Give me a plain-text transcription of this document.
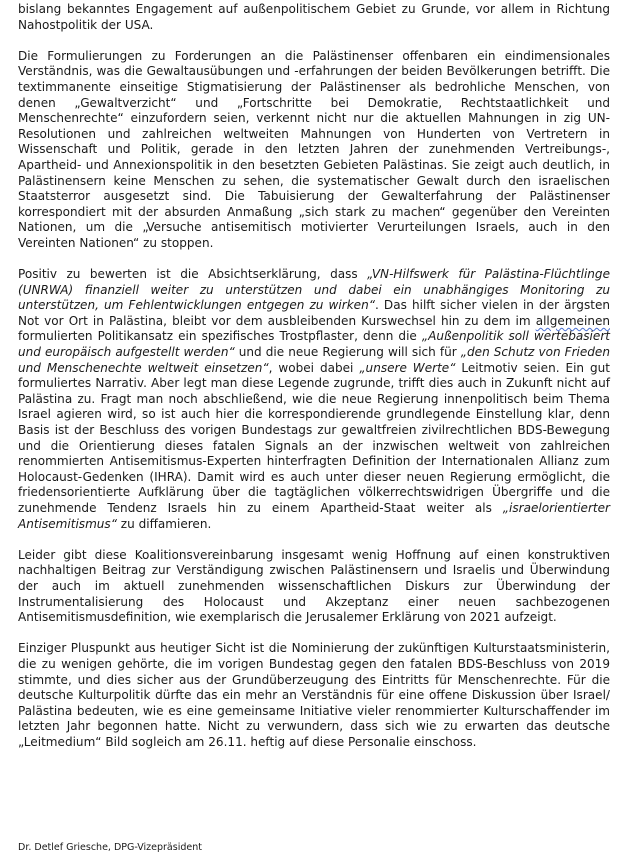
bislang bekanntes Engagement auf außenpolitischem Gebiet zu Grunde, vor allem in Richtung Nahostpolitik der USA.

Die Formulierungen zu Forderungen an die Palästinenser offenbaren ein eindimensionales Verständnis, was die Gewaltausübungen und -erfahrungen der beiden Bevölkerungen betrifft. Die textimmanente einseitige Stigmatisierung der Palästinenser als bedrohliche Menschen, von denen „Gewaltverzicht“ und „Fortschritte bei Demokratie, Rechtstaatlichkeit und Menschenrechte“ einzufordern seien, verkennt nicht nur die aktuellen Mahnungen in zig UN-Resolutionen und zahlreichen weltweiten Mahnungen von Hunderten von Vertretern in Wissenschaft und Politik, gerade in den letzten Jahren der zunehmenden Vertreibungs-, Apartheid- und Annexionspolitik in den besetzten Gebieten Palästinas. Sie zeigt auch deutlich, in Palästinensern keine Menschen zu sehen, die systematischer Gewalt durch den israelischen Staatsterror ausgesetzt sind. Die Tabuisierung der Gewalterfahrung der Palästinenser korrespondiert mit der absurden Anmaßung „sich stark zu machen“ gegenüber den Vereinten Nationen, um die „Versuche antisemitisch motivierter Verurteilungen Israels, auch in den Vereinten Nationen“ zu stoppen.

Positiv zu bewerten ist die Absichtserklärung, dass „VN-Hilfswerk für Palästina-Flüchtlinge (UNRWA) finanziell weiter zu unterstützen und dabei ein unabhängiges Monitoring zu unterstützen, um Fehlentwicklungen entgegen zu wirken“. Das hilft sicher vielen in der ärgsten Not vor Ort in Palästina, bleibt vor dem ausbleibenden Kurswechsel hin zu dem im allgemeinen formulierten Politikansatz ein spezifisches Trostpflaster, denn die „Außenpolitik soll wertebasiert und europäisch aufgestellt werden“ und die neue Regierung will sich für „den Schutz von Frieden und Menschenechte weltweit einsetzen“, wobei dabei „unsere Werte“ Leitmotiv seien. Ein gut formuliertes Narrativ. Aber legt man diese Legende zugrunde, trifft dies auch in Zukunft nicht auf Palästina zu. Fragt man noch abschließend, wie die neue Regierung innenpolitisch beim Thema Israel agieren wird, so ist auch hier die korrespondierende grundlegende Einstellung klar, denn Basis ist der Beschluss des vorigen Bundestags zur gewaltfreien zivilrechtlichen BDS-Bewegung und die Orientierung dieses fatalen Signals an der inzwischen weltweit von zahlreichen renommierten Antisemitismus-Experten hinterfragten Definition der Internationalen Allianz zum Holocaust-Gedenken (IHRA). Damit wird es auch unter dieser neuen Regierung ermöglicht, die friedensorientierte Aufklärung über die tagtäglichen völkerrechtswidrigen Übergriffe und die zunehmende Tendenz Israels hin zu einem Apartheid-Staat weiter als „israelorientierter Antisemitismus“ zu diffamieren.

Leider gibt diese Koalitionsvereinbarung insgesamt wenig Hoffnung auf einen konstruktiven nachhaltigen Beitrag zur Verständigung zwischen Palästinensern und Israelis und Überwindung der auch im aktuell zunehmenden wissenschaftlichen Diskurs zur Überwindung der Instrumentalisierung des Holocaust und Akzeptanz einer neuen sachbezogenen Antisemitismusdefinition, wie exemplarisch die Jerusalemer Erklärung von 2021 aufzeigt.

Einziger Pluspunkt aus heutiger Sicht ist die Nominierung der zukünftigen Kulturstaatsministerin, die zu wenigen gehörte, die im vorigen Bundestag gegen den fatalen BDS-Beschluss von 2019 stimmte, und dies sicher aus der Grundüberzeugung des Eintritts für Menschenrechte. Für die deutsche Kulturpolitik dürfte das ein mehr an Verständnis für eine offene Diskussion über Israel/ Palästina bedeuten, wie es eine gemeinsame Initiative vieler renommierter Kulturschaffender im letzten Jahr begonnen hatte. Nicht zu verwundern, dass sich wie zu erwarten das deutsche „Leitmedium“ Bild sogleich am 26.11. heftig auf diese Personalie einschoss.

Dr. Detlef Griesche, DPG-Vizepräsident
